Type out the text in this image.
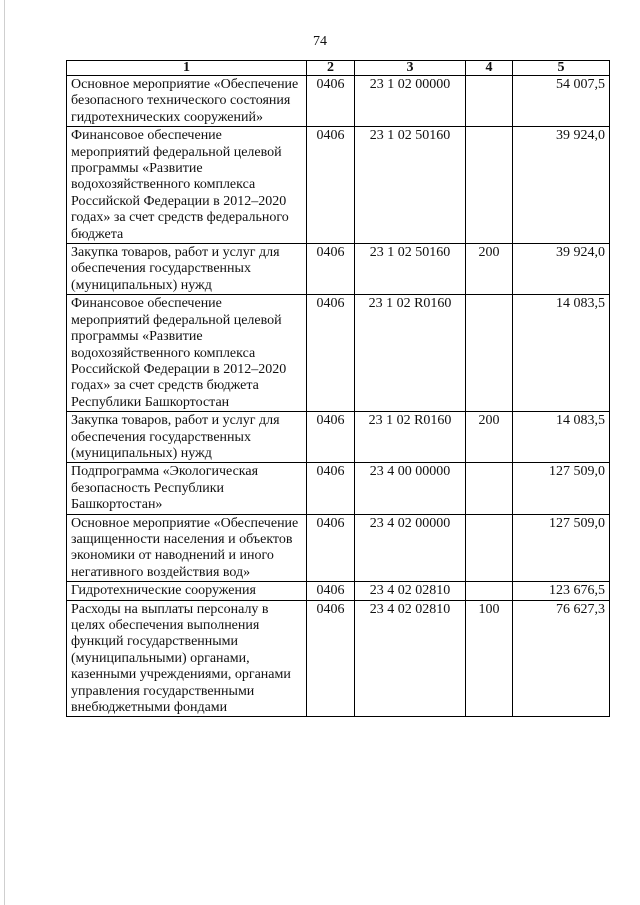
74
1	2	3	4	5
Основное мероприятие «Обеспечение безопасного технического состояния гидротехнических сооружений»	0406	23 1 02 00000		54 007,5
Финансовое обеспечение мероприятий федеральной целевой программы «Развитие водохозяйственного комплекса Российской Федерации в 2012–2020 годах» за счет средств федерального бюджета	0406	23 1 02 50160		39 924,0
Закупка товаров, работ и услуг для обеспечения государственных (муниципальных) нужд	0406	23 1 02 50160	200	39 924,0
Финансовое обеспечение мероприятий федеральной целевой программы «Развитие водохозяйственного комплекса Российской Федерации в 2012–2020 годах» за счет средств бюджета Республики Башкортостан	0406	23 1 02 R0160		14 083,5
Закупка товаров, работ и услуг для обеспечения государственных (муниципальных) нужд	0406	23 1 02 R0160	200	14 083,5
Подпрограмма «Экологическая безопасность Республики Башкортостан»	0406	23 4 00 00000		127 509,0
Основное мероприятие «Обеспечение защищенности населения и объектов экономики от наводнений и иного негативного воздействия вод»	0406	23 4 02 00000		127 509,0
Гидротехнические сооружения	0406	23 4 02 02810		123 676,5
Расходы на выплаты персоналу в целях обеспечения выполнения функций государственными (муниципальными) органами, казенными учреждениями, органами управления государственными внебюджетными фондами	0406	23 4 02 02810	100	76 627,3
